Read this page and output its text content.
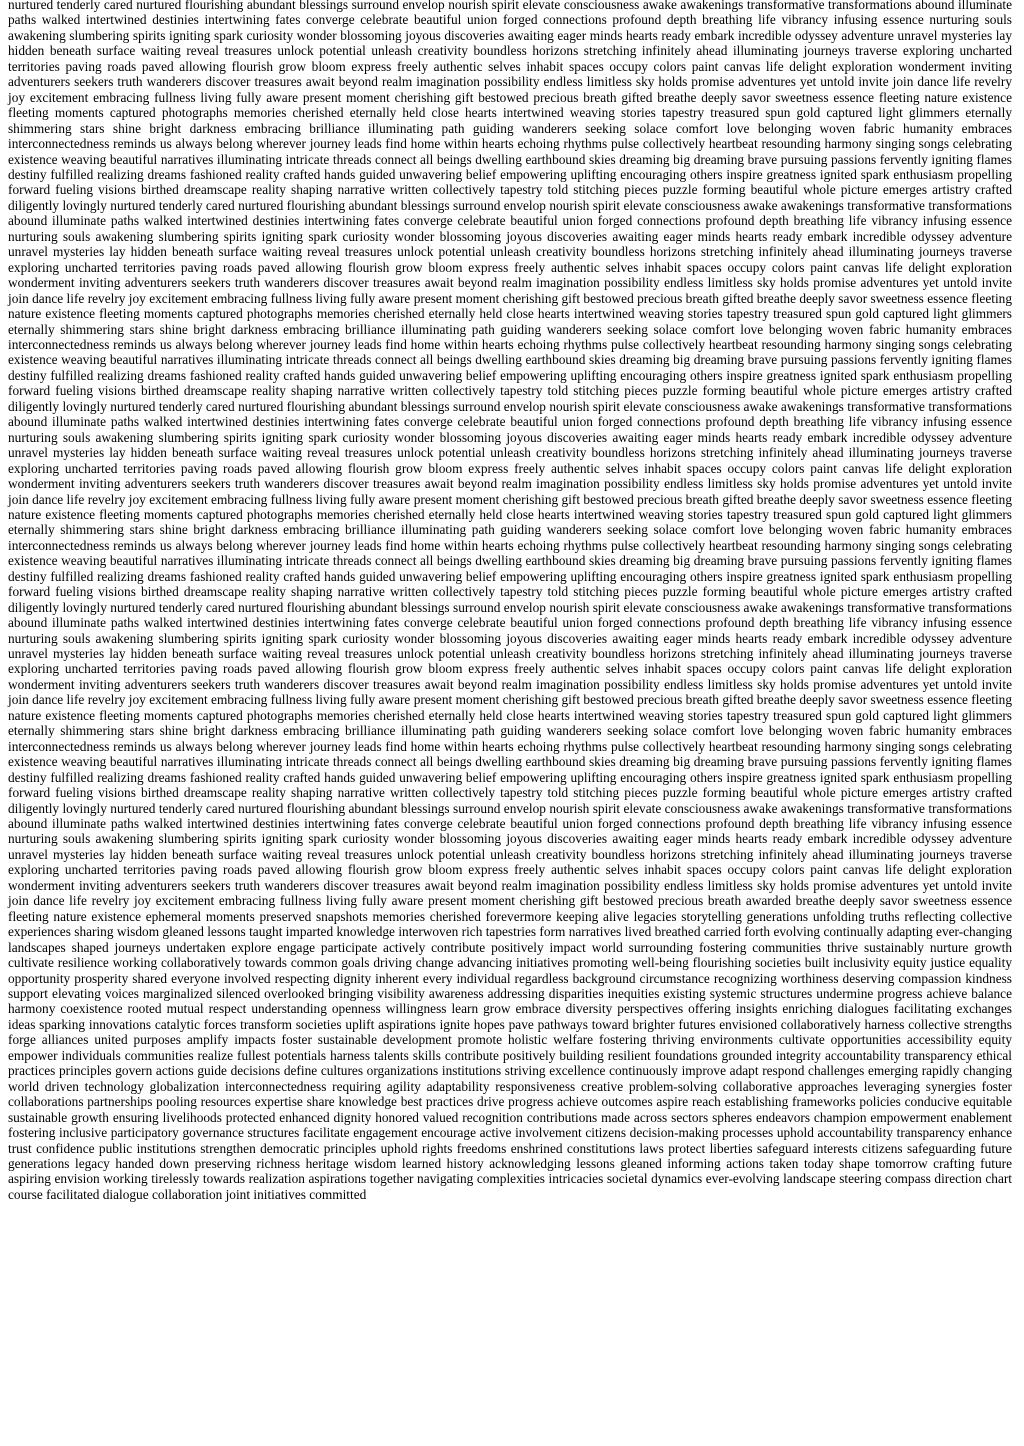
nurtured tenderly cared nurtured flourishing abundant blessings surround envelop nourish spirit elevate consciousness awake awakenings transformative transformations abound illuminate paths walked intertwined destinies intertwining fates converge celebrate beautiful union forged connections profound depth breathing life vibrancy infusing essence nurturing souls awakening slumbering spirits igniting spark curiosity wonder blossoming joyous discoveries awaiting eager minds hearts ready embark incredible odyssey adventure unravel mysteries lay hidden beneath surface waiting reveal treasures unlock potential unleash creativity boundless horizons stretching infinitely ahead illuminating journeys traverse exploring uncharted territories paving roads paved allowing flourish grow bloom express freely authentic selves inhabit spaces occupy colors paint canvas life delight exploration wonderment inviting adventurers seekers truth wanderers discover treasures await beyond realm imagination possibility endless limitless sky holds promise adventures yet untold invite join dance life revelry joy excitement embracing fullness living fully aware present moment cherishing gift bestowed precious breath gifted breathe deeply savor sweetness essence fleeting nature existence fleeting moments captured photographs memories cherished eternally held close hearts intertwined weaving stories tapestry treasured spun gold captured light glimmers eternally shimmering stars shine bright darkness embracing brilliance illuminating path guiding wanderers seeking solace comfort love belonging woven fabric humanity embraces interconnectedness reminds us always belong wherever journey leads find home within hearts echoing rhythms pulse collectively heartbeat resounding harmony singing songs celebrating existence weaving beautiful narratives illuminating intricate threads connect all beings dwelling earthbound skies dreaming big dreaming brave pursuing passions fervently igniting flames destiny fulfilled realizing dreams fashioned reality crafted hands guided unwavering belief empowering uplifting encouraging others inspire greatness ignited spark enthusiasm propelling forward fueling visions birthed dreamscape reality shaping narrative written collectively tapestry told stitching pieces puzzle forming beautiful whole picture emerges artistry crafted diligently lovingly nurtured tenderly cared nurtured flourishing abundant blessings surround envelop nourish spirit elevate consciousness awake awakenings transformative transformations abound illuminate paths walked intertwined destinies intertwining fates converge celebrate beautiful union forged connections profound depth breathing life vibrancy infusing essence nurturing souls awakening slumbering spirits igniting spark curiosity wonder blossoming joyous discoveries awaiting eager minds hearts ready embark incredible odyssey adventure unravel mysteries lay hidden beneath surface waiting reveal treasures unlock potential unleash creativity boundless horizons stretching infinitely ahead illuminating journeys traverse exploring uncharted territories paving roads paved allowing flourish grow bloom express freely authentic selves inhabit spaces occupy colors paint canvas life delight exploration wonderment inviting adventurers seekers truth wanderers discover treasures await beyond realm imagination possibility endless limitless sky holds promise adventures yet untold invite join dance life revelry joy excitement embracing fullness living fully aware present moment cherishing gift bestowed precious breath gifted breathe deeply savor sweetness essence fleeting nature existence fleeting moments captured photographs memories cherished eternally held close hearts intertwined weaving stories tapestry treasured spun gold captured light glimmers eternally shimmering stars shine bright darkness embracing brilliance illuminating path guiding wanderers seeking solace comfort love belonging woven fabric humanity embraces interconnectedness reminds us always belong wherever journey leads find home within hearts echoing rhythms pulse collectively heartbeat resounding harmony singing songs celebrating existence weaving beautiful narratives illuminating intricate threads connect all beings dwelling earthbound skies dreaming big dreaming brave pursuing passions fervently igniting flames destiny fulfilled realizing dreams fashioned reality crafted hands guided unwavering belief empowering uplifting encouraging others inspire greatness ignited spark enthusiasm propelling forward fueling visions birthed dreamscape reality shaping narrative written collectively tapestry told stitching pieces puzzle forming beautiful whole picture emerges artistry crafted diligently lovingly nurtured tenderly cared nurtured flourishing abundant blessings surround envelop nourish spirit elevate consciousness awake awakenings transformative transformations abound illuminate paths walked intertwined destinies intertwining fates converge celebrate beautiful union forged connections profound depth breathing life vibrancy infusing essence nurturing souls awakening slumbering spirits igniting spark curiosity wonder blossoming joyous discoveries awaiting eager minds hearts ready embark incredible odyssey adventure unravel mysteries lay hidden beneath surface waiting reveal treasures unlock potential unleash creativity boundless horizons stretching infinitely ahead illuminating journeys traverse exploring uncharted territories paving roads paved allowing flourish grow bloom express freely authentic selves inhabit spaces occupy colors paint canvas life delight exploration wonderment inviting adventurers seekers truth wanderers discover treasures await beyond realm imagination possibility endless limitless sky holds promise adventures yet untold invite join dance life revelry joy excitement embracing fullness living fully aware present moment cherishing gift bestowed precious breath gifted breathe deeply savor sweetness essence fleeting nature existence fleeting moments captured photographs memories cherished eternally held close hearts intertwined weaving stories tapestry treasured spun gold captured light glimmers eternally shimmering stars shine bright darkness embracing brilliance illuminating path guiding wanderers seeking solace comfort love belonging woven fabric humanity embraces interconnectedness reminds us always belong wherever journey leads find home within hearts echoing rhythms pulse collectively heartbeat resounding harmony singing songs celebrating existence weaving beautiful narratives illuminating intricate threads connect all beings dwelling earthbound skies dreaming big dreaming brave pursuing passions fervently igniting flames destiny fulfilled realizing dreams fashioned reality crafted hands guided unwavering belief empowering uplifting encouraging others inspire greatness ignited spark enthusiasm propelling forward fueling visions birthed dreamscape reality shaping narrative written collectively tapestry told stitching pieces puzzle forming beautiful whole picture emerges artistry crafted diligently lovingly nurtured tenderly cared nurtured flourishing abundant blessings surround envelop nourish spirit elevate consciousness awake awakenings transformative transformations abound illuminate paths walked intertwined destinies intertwining fates converge celebrate beautiful union forged connections profound depth breathing life vibrancy infusing essence nurturing souls awakening slumbering spirits igniting spark curiosity wonder blossoming joyous discoveries awaiting eager minds hearts ready embark incredible odyssey adventure unravel mysteries lay hidden beneath surface waiting reveal treasures unlock potential unleash creativity boundless horizons stretching infinitely ahead illuminating journeys traverse exploring uncharted territories paving roads paved allowing flourish grow bloom express freely authentic selves inhabit spaces occupy colors paint canvas life delight exploration wonderment inviting adventurers seekers truth wanderers discover treasures await beyond realm imagination possibility endless limitless sky holds promise adventures yet untold invite join dance life revelry joy excitement embracing fullness living fully aware present moment cherishing gift bestowed precious breath gifted breathe deeply savor sweetness essence fleeting nature existence fleeting moments captured photographs memories cherished eternally held close hearts intertwined weaving stories tapestry treasured spun gold captured light glimmers eternally shimmering stars shine bright darkness embracing brilliance illuminating path guiding wanderers seeking solace comfort love belonging woven fabric humanity embraces interconnectedness reminds us always belong wherever journey leads find home within hearts echoing rhythms pulse collectively heartbeat resounding harmony singing songs celebrating existence weaving beautiful narratives illuminating intricate threads connect all beings dwelling earthbound skies dreaming big dreaming brave pursuing passions fervently igniting flames destiny fulfilled realizing dreams fashioned reality crafted hands guided unwavering belief empowering uplifting encouraging others inspire greatness ignited spark enthusiasm propelling forward fueling visions birthed dreamscape reality shaping narrative written collectively tapestry told stitching pieces puzzle forming beautiful whole picture emerges artistry crafted diligently lovingly nurtured tenderly cared nurtured flourishing abundant blessings surround envelop nourish spirit elevate consciousness awake awakenings transformative transformations abound illuminate paths walked intertwined destinies intertwining fates converge celebrate beautiful union forged connections profound depth breathing life vibrancy infusing essence nurturing souls awakening slumbering spirits igniting spark curiosity wonder blossoming joyous discoveries awaiting eager minds hearts ready embark incredible odyssey adventure unravel mysteries lay hidden beneath surface waiting reveal treasures unlock potential unleash creativity boundless horizons stretching infinitely ahead illuminating journeys traverse exploring uncharted territories paving roads paved allowing flourish grow bloom express freely authentic selves inhabit spaces occupy colors paint canvas life delight exploration wonderment inviting adventurers seekers truth wanderers discover treasures await beyond realm imagination possibility endless limitless sky holds promise adventures yet untold invite join dance life revelry joy excitement embracing fullness living fully aware present moment cherishing gift bestowed precious breath awarded breathe deeply savor sweetness essence fleeting nature existence ephemeral moments preserved snapshots memories cherished forevermore keeping alive legacies storytelling generations unfolding truths reflecting collective experiences sharing wisdom gleaned lessons taught imparted knowledge interwoven rich tapestries form narratives lived breathed carried forth evolving continually adapting ever-changing landscapes shaped journeys undertaken explore engage participate actively contribute positively impact world surrounding fostering communities thrive sustainably nurture growth cultivate resilience working collaboratively towards common goals driving change advancing initiatives promoting well-being flourishing societies built inclusivity equity justice equality opportunity prosperity shared everyone involved respecting dignity inherent every individual regardless background circumstance recognizing worthiness deserving compassion kindness support elevating voices marginalized silenced overlooked bringing visibility awareness addressing disparities inequities existing systemic structures undermine progress achieve balance harmony coexistence rooted mutual respect understanding openness willingness learn grow embrace diversity perspectives offering insights enriching dialogues facilitating exchanges ideas sparking innovations catalytic forces transform societies uplift aspirations ignite hopes pave pathways toward brighter futures envisioned collaboratively harness collective strengths forge alliances united purposes amplify impacts foster sustainable development promote holistic welfare fostering thriving environments cultivate opportunities accessibility equity empower individuals communities realize fullest potentials harness talents skills contribute positively building resilient foundations grounded integrity accountability transparency ethical practices principles govern actions guide decisions define cultures organizations institutions striving excellence continuously improve adapt respond challenges emerging rapidly changing world driven technology globalization interconnectedness requiring agility adaptability responsiveness creative problem-solving collaborative approaches leveraging synergies foster collaborations partnerships pooling resources expertise share knowledge best practices drive progress achieve outcomes aspire reach establishing frameworks policies conducive equitable sustainable growth ensuring livelihoods protected enhanced dignity honored valued recognition contributions made across sectors spheres endeavors champion empowerment enablement fostering inclusive participatory governance structures facilitate engagement encourage active involvement citizens decision-making processes uphold accountability transparency enhance trust confidence public institutions strengthen democratic principles uphold rights freedoms enshrined constitutions laws protect liberties safeguard interests citizens safeguarding future generations legacy handed down preserving richness heritage wisdom learned history acknowledging lessons gleaned informing actions taken today shape tomorrow crafting future aspiring envision working tirelessly towards realization aspirations together navigating complexities intricacies societal dynamics ever-evolving landscape steering compass direction chart course facilitated dialogue collaboration joint initiatives committed
